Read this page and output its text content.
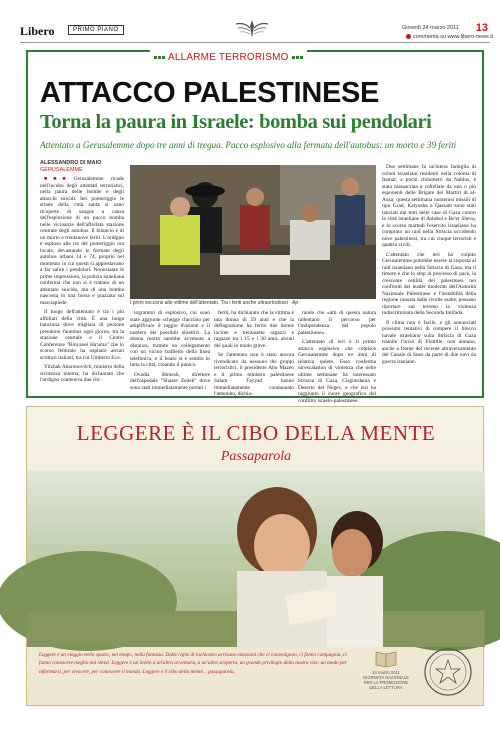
Libero	PRIMO PIANO	Giovedì 24 marzo 2011 13
commenta su www.libero-news.it
ALLARME TERRORISMO
ATTACCO PALESTINESE
Torna la paura in Israele: bomba sui pendolari
Attentato a Gerusalemme dopo tre anni di tregua. Pacco esplosivo alla fermata dell'autobus: un morto e 39 feriti
ALESSANDRO DI MAIO
GERUSALEMME

■■■ Gerusalemme ricade nell'incubo degli attentati terroristici, nella paura delle bombe e degli attacchi suicidi. Ieri pomeriggio le strade della città santa si sono ricoperte di sangue a causa dell'esplosione di un pacco bomba nelle vicinanze dell'affollata stazione centrale degli autobus. Il bilancio è di un morto e trentanove feriti. L'ordigno è esploso alle tre del pomeriggio ora locale, devastando le fermate degli autobus urbani 14 e 74, proprio nel momento in cui questi si apprestavano a far salire i pendolari. Nonostante le prime impressioni, la polizia israeliana conferma che non si è trattato di un attentato suicida, ma di una bomba nascosta in una borsa e piazzata sul marciapiede.

Il luogo dell'attentato è tra i più affollati della città. È una lunga banchina dove migliaia di persone prendono l'autobus ogni giorno, tra la stazione centrale e il Centro Conferenze "Binyanei Ha'uma" che lo scorso febbraio ha ospitato alcuni scrittori italiani, tra cui Umberto Eco.

Yitzhak Aharonovitch, ministro della sicurezza interna, ha dichiarato che l'ordigno conteneva due chi-

I primi soccorsi alle vittime dell'attentato. Tra i feriti anche ultraortodossi Ap

logrammi di esplosivo, cui sono state aggiunte schegge d'acciaio per amplificare il raggio d'azione e il numero dei possibili obiettivi. La donna morta sarebbe avvenuta a distanza, tramite un collegamento con un vicino trafiletto della linea telefonica, e il boato si è sentito in tutta la città, creando il panico.

Ovadia Shmesh, direttore dell'ospedale "Shaare Zedek" dove sono stati immediatamente portati i

feriti, ha dichiarato che la vittima è una donna di 59 anni e che la deflagrazione ha ferito due donne incinte e trentasette ragazzi e ragazze tra i 15 e i 30 anni, alcuni dei quali in modo grave.

Se l'attentato non è stato ancora rivendicato da nessuno dei gruppi terroristici, il presidente Abu Mazen e il primo ministro palestinese Salam Fayyad hanno immediatamente condannato l'attentato, dichia-

rando che «atti di questa natura rallentano il percorso per l'indipendenza del popolo palestinese».

L'attentato di ieri è il primo attacco esplosivo che colpisce Gerusalemme dopo tre anni di relativa quiete. Esso conferma un'escalation di violenza che nelle ultime settimane ha interessato Striscia di Gaza, Cisgiordania e Deserto del Negev, e che ieri ha raggiunto il cuore geografico del conflitto israelo-palestinese.

Due settimane fa un'intera famiglia di coloni israeliani residenti nella colonia di Itamar, a pochi chilometri da Nablus, è stata massacrata a coltellate da uno o più esponenti delle Brigate dei Martiri di al-Aqsa; questa settimana numerosi missili di tipo Grad, Katyusha e Qassam sono stati lanciati dai tetti delle case di Gaza contro le città israeliane di Ashdod e Be'er Sheva; e lo scorso martedì l'esercito israeliano ha compiuto un raid nella Striscia uccidendo nove palestinesi, tra cui cinque terroristi e quattro civili.

L'attentato che ieri ha colpito Gerusalemme potrebbe essere la risposta al raid israeliano nella Striscia di Gaza, ma il timore è che lo stop al processo di pace, la crescente ostilità dei palestinesi nei confronti dei leader moderati dell'Autorità Nazionale Palestinese e l'instabilità della regione causata dalle rivolte arabe, possano riportare sul terreno la violenza indiscriminata della Seconda Intifada.

Il clima non è facile, e gli annunciati prossimi tentativi di rompere il blocco navale israeliano sulla Striscia di Gaza tramite l'invio di Flottille, non aiutano, anche a fronte del recente attraversamento del Canale di Suez da parte di due navi da guerra iraniane.

LEGGERE È IL CIBO DELLA MENTE
Passaparola
Leggere è un viaggio nello spazio, nel tempo, nella fantasia. Dalle righe di inchiostro arrivano emozioni che ci coinvolgono, ci fanno compagnia, ci fanno conoscere meglio noi stessi. Leggere è un invito a un'altra avventura, a un'altra scoperta, un grande privilegio della nostra vita: un modo per informarsi, per crescere, per conoscere il mondo. Leggere è il cibo della mente... passaparola.	24 marzo 2011
GIORNATA NAZIONALE
PER LA PROMOZIONE DELLA LETTURA
